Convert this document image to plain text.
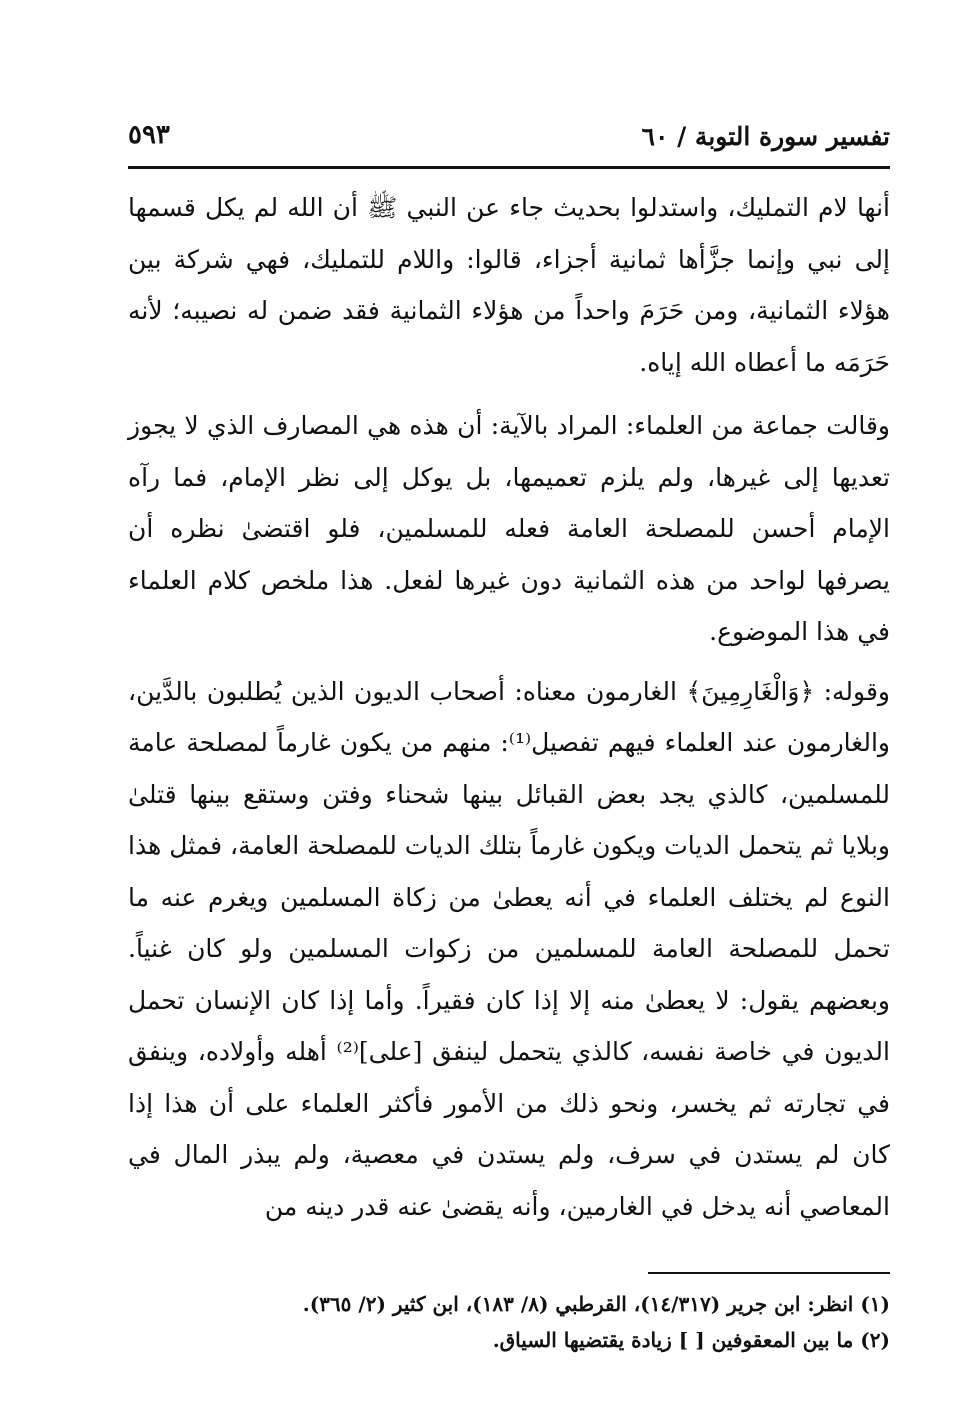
تفسير سورة التوبة / ٦٠
٥٩٣

أنها لام التمليك، واستدلوا بحديث جاء عن النبي ﷺ أن الله لم يكل قسمها إلى نبي وإنما جزَّأها ثمانية أجزاء، قالوا: واللام للتمليك، فهي شركة بين هؤلاء الثمانية، ومن حَرَمَ واحداً من هؤلاء الثمانية فقد ضمن له نصيبه؛ لأنه حَرَمَه ما أعطاه الله إياه.

وقالت جماعة من العلماء: المراد بالآية: أن هذه هي المصارف الذي لا يجوز تعديها إلى غيرها، ولم يلزم تعميمها، بل يوكل إلى نظر الإمام، فما رآه الإمام أحسن للمصلحة العامة فعله للمسلمين، فلو اقتضىٰ نظره أن يصرفها لواحد من هذه الثمانية دون غيرها لفعل. هذا ملخص كلام العلماء في هذا الموضوع.

وقوله: ﴿وَالْغَارِمِينَ﴾ الغارمون معناه: أصحاب الديون الذين يُطلبون بالدَّين، والغارمون عند العلماء فيهم تفصيل⁽¹⁾: منهم من يكون غارماً لمصلحة عامة للمسلمين، كالذي يجد بعض القبائل بينها شحناء وفتن وستقع بينها قتلىٰ وبلايا ثم يتحمل الديات ويكون غارماً بتلك الديات للمصلحة العامة، فمثل هذا النوع لم يختلف العلماء في أنه يعطىٰ من زكاة المسلمين ويغرم عنه ما تحمل للمصلحة العامة للمسلمين من زكوات المسلمين ولو كان غنياً. وبعضهم يقول: لا يعطىٰ منه إلا إذا كان فقيراً. وأما إذا كان الإنسان تحمل الديون في خاصة نفسه، كالذي يتحمل لينفق [على]⁽²⁾ أهله وأولاده، وينفق في تجارته ثم يخسر، ونحو ذلك من الأمور فأكثر العلماء على أن هذا إذا كان لم يستدن في سرف، ولم يستدن في معصية، ولم يبذر المال في المعاصي أنه يدخل في الغارمين، وأنه يقضىٰ عنه قدر دينه من

(١) انظر: ابن جرير (١٤/٣١٧)، القرطبي (٨/ ١٨٣)، ابن كثير (٢/ ٣٦٥).

(٢) ما بين المعقوفين [ ] زيادة يقتضيها السياق.
